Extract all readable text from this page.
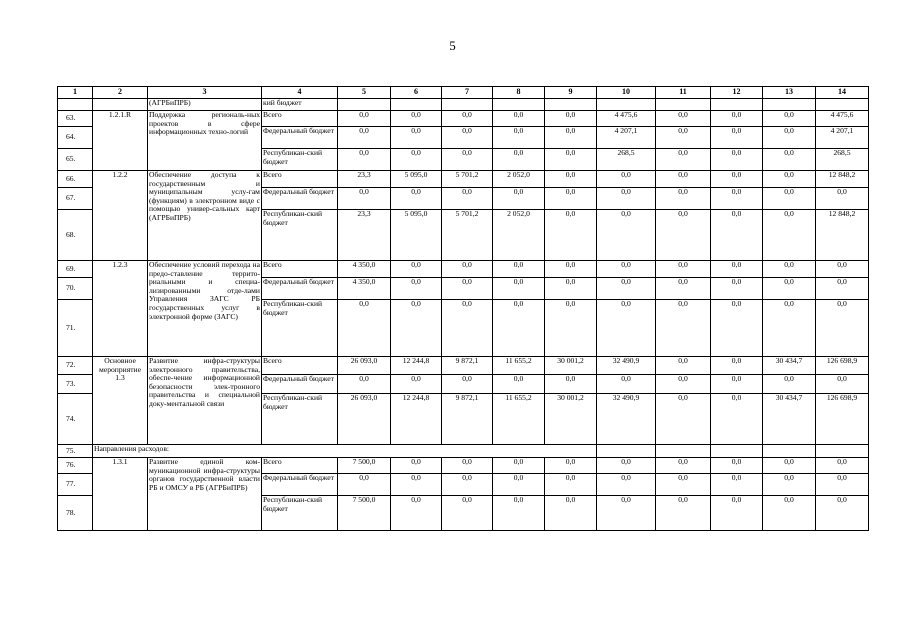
5
1	2	3	4	5	6	7	8	9	10	11	12	13	14
		(АГРБиПРБ)	кий бюджет										
63.	1.2.1.R	Поддержка региональ-ных проектов в сфере информационных техно-логий	Всего	0,0	0,0	0,0	0,0	0,0	4 475,6	0,0	0,0	0,0	4 475,6
64.			Федеральный бюджет	0,0	0,0	0,0	0,0	0,0	4 207,1	0,0	0,0	0,0	4 207,1
65.			Республикан-ский бюджет	0,0	0,0	0,0	0,0	0,0	268,5	0,0	0,0	0,0	268,5
66.	1.2.2	Обеспечение доступа к государственным и муниципальным услу-гам (функциям) в электронном виде с помощью универ-сальных карт (АГРБиПРБ)	Всего	23,3	5 095,0	5 701,2	2 052,0	0,0	0,0	0,0	0,0	0,0	12 848,2
67.			Федеральный бюджет	0,0	0,0	0,0	0,0	0,0	0,0	0,0	0,0	0,0	0,0
68.			Республикан-ский бюджет	23,3	5 095,0	5 701,2	2 052,0	0,0	0,0	0,0	0,0	0,0	12 848,2
69.	1.2.3	Обеспечение условий перехода на предо-ставление террито-риальными и специа-лизированными отде-лами Управления ЗАГС РБ государственных услуг в электронной форме (ЗАГС)	Всего	4 350,0	0,0	0,0	0,0	0,0	0,0	0,0	0,0	0,0	0,0
70.			Федеральный бюджет	4 350,0	0,0	0,0	0,0	0,0	0,0	0,0	0,0	0,0	0,0
71.			Республикан-ский бюджет	0,0	0,0	0,0	0,0	0,0	0,0	0,0	0,0	0,0	0,0
72.	Основное мероприятие 1.3	Развитие инфра-структуры электронного правительства, обеспе-чение информационной безопасности элек-тронного правительства и специальной доку-ментальной связи	Всего	26 093,0	12 244,8	9 872,1	11 655,2	30 001,2	32 490,9	0,0	0,0	30 434,7	126 698,9
73.			Федеральный бюджет	0,0	0,0	0,0	0,0	0,0	0,0	0,0	0,0	0,0	0,0
74.			Республикан-ский бюджет	26 093,0	12 244,8	9 872,1	11 655,2	30 001,2	32 490,9	0,0	0,0	30 434,7	126 698,9
75.	Направления расходов:												
76.	1.3.1	Развитие единой ком-муникационной инфра-структуры органов государственной власти РБ и ОМСУ в РБ (АГРБиПРБ)	Всего	7 500,0	0,0	0,0	0,0	0,0	0,0	0,0	0,0	0,0	0,0
77.			Федеральный бюджет	0,0	0,0	0,0	0,0	0,0	0,0	0,0	0,0	0,0	0,0
78.			Республикан-ский бюджет	7 500,0	0,0	0,0	0,0	0,0	0,0	0,0	0,0	0,0	0,0
